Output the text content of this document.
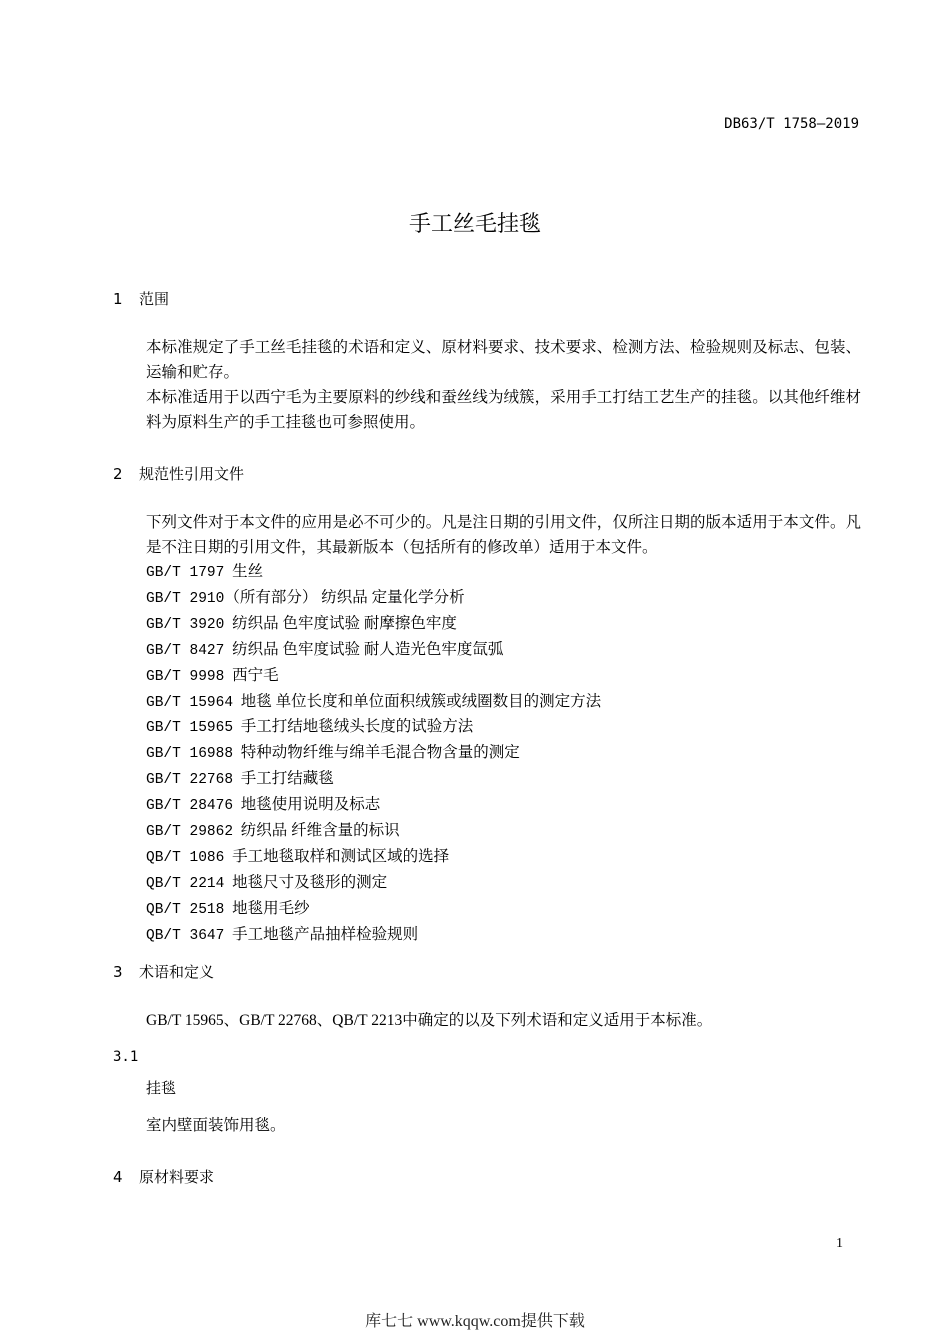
DB63/T 1758—2019
手工丝毛挂毯
1 范围
本标准规定了手工丝毛挂毯的术语和定义、原材料要求、技术要求、检测方法、检验规则及标志、包装、运输和贮存。
本标准适用于以西宁毛为主要原料的纱线和蚕丝线为绒簇，采用手工打结工艺生产的挂毯。以其他纤维材料为原料生产的手工挂毯也可参照使用。
2 规范性引用文件
下列文件对于本文件的应用是必不可少的。凡是注日期的引用文件，仅所注日期的版本适用于本文件。凡是不注日期的引用文件，其最新版本（包括所有的修改单）适用于本文件。
GB/T 1797  生丝
GB/T 2910（所有部分） 纺织品 定量化学分析
GB/T 3920  纺织品 色牢度试验 耐摩擦色牢度
GB/T 8427  纺织品 色牢度试验 耐人造光色牢度氙弧
GB/T 9998  西宁毛
GB/T 15964  地毯 单位长度和单位面积绒簇或绒圈数目的测定方法
GB/T 15965  手工打结地毯绒头长度的试验方法
GB/T 16988  特种动物纤维与绵羊毛混合物含量的测定
GB/T 22768  手工打结藏毯
GB/T 28476  地毯使用说明及标志
GB/T 29862  纺织品 纤维含量的标识
QB/T 1086  手工地毯取样和测试区域的选择
QB/T 2214  地毯尺寸及毯形的测定
QB/T 2518  地毯用毛纱
QB/T 3647  手工地毯产品抽样检验规则
3 术语和定义
GB/T 15965、GB/T 22768、QB/T 2213中确定的以及下列术语和定义适用于本标准。
3.1
挂毯
室内壁面装饰用毯。
4 原材料要求
1
库七七 www.kqqw.com提供下载
